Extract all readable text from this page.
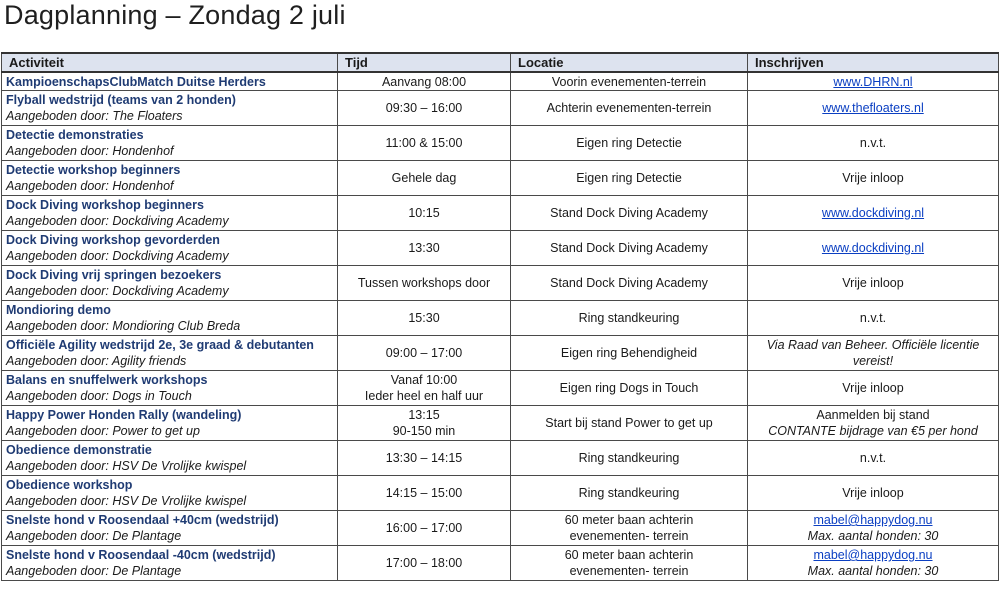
Dagplanning – Zondag 2 juli
Activiteit	Tijd	Locatie	Inschrijven

KampioenschapsClubMatch Duitse Herders	Aanvang 08:00	Voorin evenementen-terrein	www.DHRN.nl

Flyball wedstrijd (teams van 2 honden)
Aangeboden door: The Floaters	09:30 – 16:00	Achterin evenementen-terrein	www.thefloaters.nl

Detectie demonstraties
Aangeboden door: Hondenhof	11:00 & 15:00	Eigen ring Detectie	n.v.t.

Detectie workshop beginners
Aangeboden door: Hondenhof	Gehele dag	Eigen ring Detectie	Vrije inloop

Dock Diving workshop beginners
Aangeboden door: Dockdiving Academy	10:15	Stand Dock Diving Academy	www.dockdiving.nl

Dock Diving workshop gevorderden
Aangeboden door: Dockdiving Academy	13:30	Stand Dock Diving Academy	www.dockdiving.nl

Dock Diving vrij springen bezoekers
Aangeboden door: Dockdiving Academy	Tussen workshops door	Stand Dock Diving Academy	Vrije inloop

Mondioring demo
Aangeboden door: Mondioring Club Breda	15:30	Ring standkeuring	n.v.t.

Officiële Agility wedstrijd 2e, 3e graad & debutanten
Aangeboden door: Agility friends	09:00 – 17:00	Eigen ring Behendigheid	Via Raad van Beheer. Officiële licentie
vereist!

Balans en snuffelwerk workshops
Aangeboden door: Dogs in Touch	Vanaf 10:00
Ieder heel en half uur	Eigen ring Dogs in Touch	Vrije inloop

Happy Power Honden Rally (wandeling)
Aangeboden door: Power to get up	13:15
90-150 min	Start bij stand Power to get up	Aanmelden bij stand
CONTANTE bijdrage van €5 per hond

Obedience demonstratie
Aangeboden door: HSV De Vrolijke kwispel	13:30 – 14:15	Ring standkeuring	n.v.t.

Obedience workshop
Aangeboden door: HSV De Vrolijke kwispel	14:15 – 15:00	Ring standkeuring	Vrije inloop

Snelste hond v Roosendaal +40cm (wedstrijd)
Aangeboden door: De Plantage	16:00 – 17:00	60 meter baan achterin
evenementen- terrein	mabel@happydog.nu
Max. aantal honden: 30

Snelste hond v Roosendaal -40cm (wedstrijd)
Aangeboden door: De Plantage	17:00 – 18:00	60 meter baan achterin
evenementen- terrein	mabel@happydog.nu
Max. aantal honden: 30
